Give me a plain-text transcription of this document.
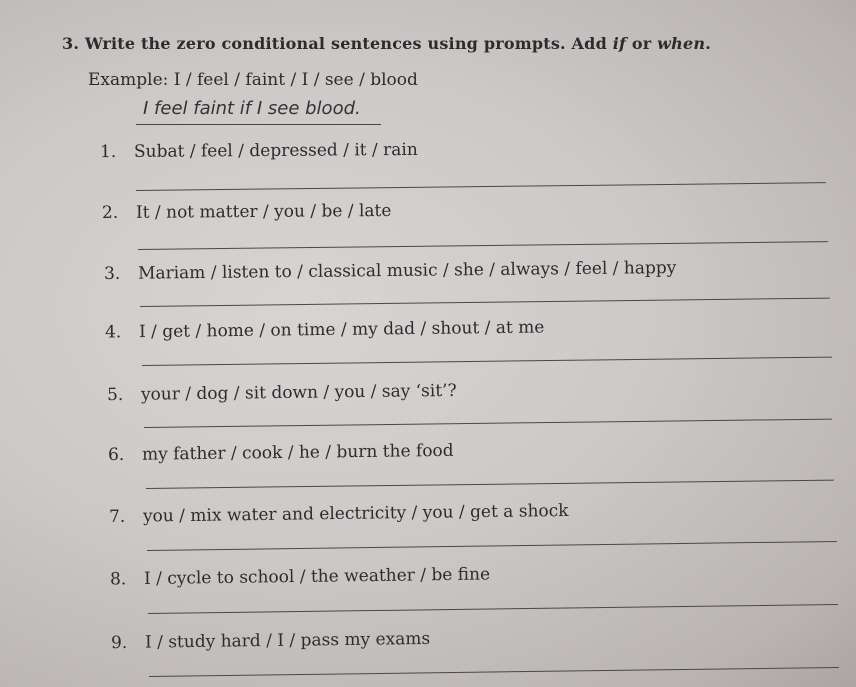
3. Write the zero conditional sentences using prompts. Add if or when.
Example: I / feel / faint / I / see / blood
I feel faint if I see blood.
1. Subat / feel / depressed / it / rain
2. It / not matter / you / be / late
3. Mariam / listen to / classical music / she / always / feel / happy
4. I / get / home / on time / my dad / shout / at me
5. your / dog / sit down / you / say ‘sit’?
6. my father / cook / he / burn the food
7. you / mix water and electricity / you / get a shock
8. I / cycle to school / the weather / be fine
9. I / study hard / I / pass my exams
